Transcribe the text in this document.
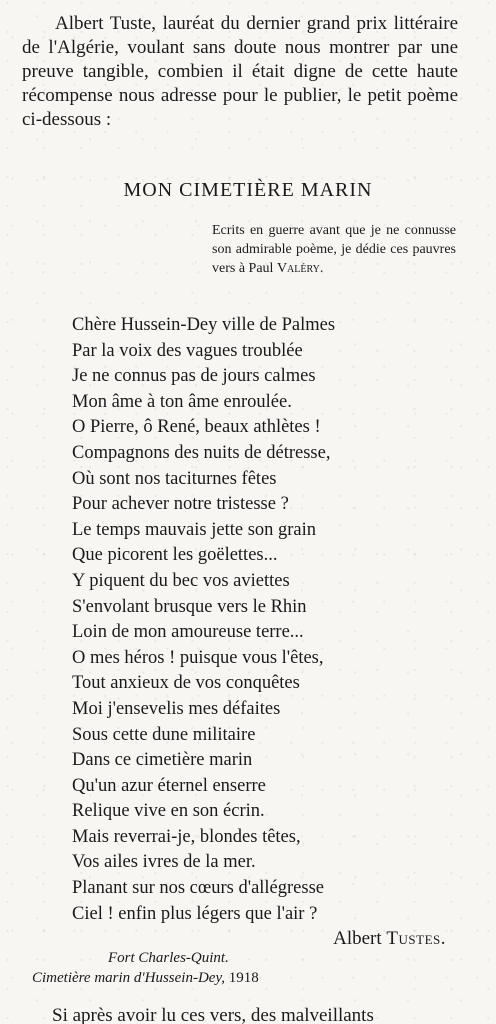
Albert Tuste, lauréat du dernier grand prix littéraire de l'Algérie, voulant sans doute nous montrer par une preuve tangible, combien il était digne de cette haute récompense nous adresse pour le publier, le petit poème ci-dessous :

MON CIMETIÈRE MARIN

Ecrits en guerre avant que je ne connusse son admirable poème, je dédie ces pauvres vers à Paul Valéry.

Chère Hussein-Dey ville de Palmes
Par la voix des vagues troublée
Je ne connus pas de jours calmes
Mon âme à ton âme enroulée.
O Pierre, ô René, beaux athlètes !
Compagnons des nuits de détresse,
Où sont nos taciturnes fêtes
Pour achever notre tristesse ?
Le temps mauvais jette son grain
Que picorent les goëlettes...
Y piquent du bec vos aviettes
S'envolant brusque vers le Rhin
Loin de mon amoureuse terre...
O mes héros ! puisque vous l'êtes,
Tout anxieux de vos conquêtes
Moi j'ensevelis mes défaites
Sous cette dune militaire
Dans ce cimetière marin
Qu'un azur éternel enserre
Relique vive en son écrin.
Mais reverrai-je, blondes têtes,
Vos ailes ivres de la mer.
Planant sur nos cœurs d'allégresse
Ciel ! enfin plus légers que l'air ?

Albert Tustes.

Fort Charles-Quint.
Cimetière marin d'Hussein-Dey, 1918

Si après avoir lu ces vers, des malveillants
